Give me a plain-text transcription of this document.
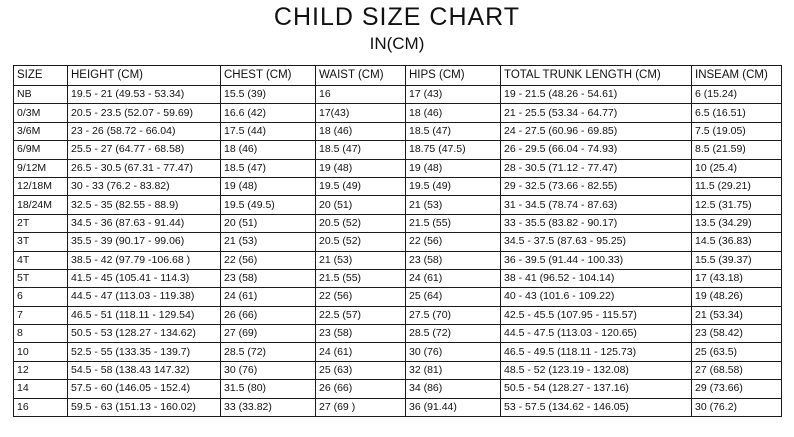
CHILD SIZE CHART
IN(CM)
SIZE	HEIGHT (CM)	CHEST (CM)	WAIST (CM)	HIPS (CM)	TOTAL TRUNK LENGTH (CM)	INSEAM (CM)
NB	19.5 - 21 (49.53 - 53.34)	15.5 (39)	16	17 (43)	19 - 21.5 (48.26 - 54.61)	6 (15.24)
0/3M	20.5 - 23.5 (52.07 - 59.69)	16.6 (42)	17(43)	18 (46)	21 - 25.5 (53.34 - 64.77)	6.5 (16.51)
3/6M	23 - 26 (58.72 - 66.04)	17.5 (44)	18 (46)	18.5 (47)	24 - 27.5 (60.96 - 69.85)	7.5 (19.05)
6/9M	25.5 - 27 (64.77 - 68.58)	18 (46)	18.5 (47)	18.75 (47.5)	26 - 29.5 (66.04 - 74.93)	8.5 (21.59)
9/12M	26.5 - 30.5 (67.31 - 77.47)	18.5 (47)	19 (48)	19 (48)	28 - 30.5 (71.12 - 77.47)	10 (25.4)
12/18M	30 - 33 (76.2 - 83.82)	19 (48)	19.5 (49)	19.5 (49)	29 - 32.5 (73.66 - 82.55)	11.5 (29.21)
18/24M	32.5 - 35 (82.55 - 88.9)	19.5 (49.5)	20 (51)	21 (53)	31 - 34.5 (78.74 - 87.63)	12.5 (31.75)
2T	34.5 - 36 (87.63 - 91.44)	20 (51)	20.5 (52)	21.5 (55)	33 - 35.5 (83.82 - 90.17)	13.5 (34.29)
3T	35.5 - 39 (90.17 - 99.06)	21 (53)	20.5 (52)	22 (56)	34.5 - 37.5 (87.63 - 95.25)	14.5 (36.83)
4T	38.5 - 42 (97.79 -106.68 )	22 (56)	21 (53)	23 (58)	36 - 39.5 (91.44 - 100.33)	15.5 (39.37)
5T	41.5 - 45 (105.41 - 114.3)	23 (58)	21.5 (55)	24 (61)	38 - 41 (96.52 - 104.14)	17 (43.18)
6	44.5 - 47 (113.03 - 119.38)	24 (61)	22 (56)	25 (64)	40 - 43 (101.6 - 109.22)	19 (48.26)
7	46.5 - 51 (118.11 - 129.54)	26 (66)	22.5 (57)	27.5 (70)	42.5 - 45.5 (107.95 - 115.57)	21 (53.34)
8	50.5 - 53 (128.27 - 134.62)	27 (69)	23 (58)	28.5 (72)	44.5 - 47.5 (113.03 - 120.65)	23 (58.42)
10	52.5 - 55 (133.35 - 139.7)	28.5 (72)	24 (61)	30 (76)	46.5 - 49.5 (118.11 - 125.73)	25 (63.5)
12	54.5 - 58 (138.43 147.32)	30 (76)	25 (63)	32 (81)	48.5 - 52 (123.19 - 132.08)	27 (68.58)
14	57.5 - 60 (146.05 - 152.4)	31.5 (80)	26 (66)	34 (86)	50.5 - 54 (128.27 - 137.16)	29 (73.66)
16	59.5 - 63 (151.13 - 160.02)	33 (33.82)	27 (69 )	36 (91.44)	53 - 57.5 (134.62 - 146.05)	30 (76.2)
